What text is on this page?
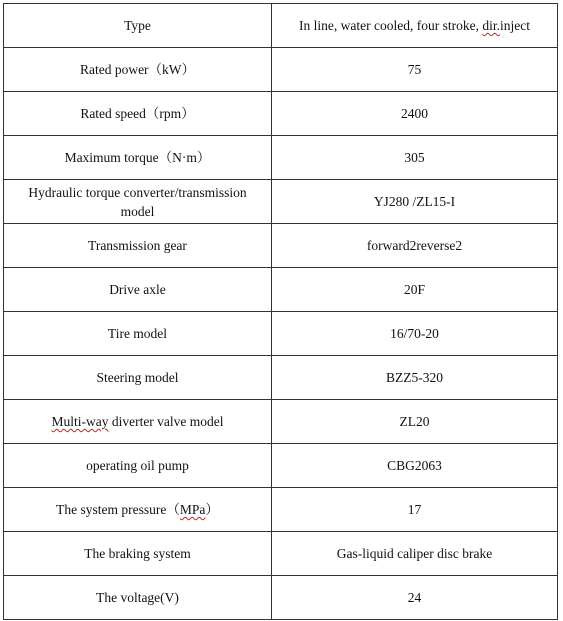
Type	In line, water cooled, four stroke, dir.inject
Rated power（kW）	75
Rated speed（rpm）	2400
Maximum torque（N·m）	305
Hydraulic torque converter/transmission model	YJ280 /ZL15-I
Transmission gear	forward2reverse2
Drive axle	20F
Tire model	16/70-20
Steering model	BZZ5-320
Multi-way diverter valve model	ZL20
operating oil pump	CBG2063
The system pressure（MPa）	17
The braking system	Gas-liquid caliper disc brake
The voltage(V)	24
